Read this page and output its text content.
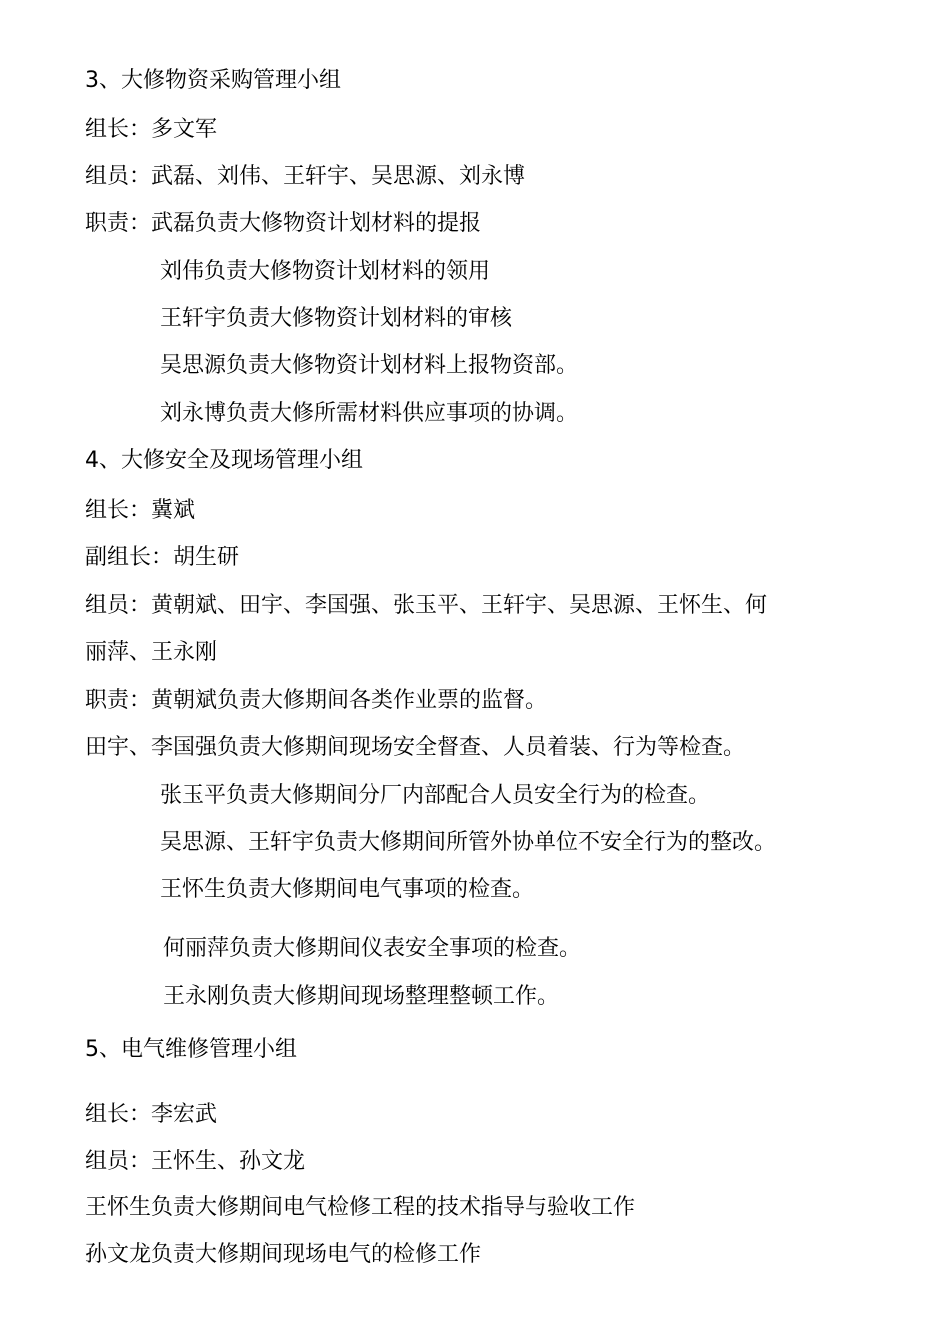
3、大修物资采购管理小组
组长：多文军
组员：武磊、刘伟、王轩宇、吴思源、刘永博
职责：武磊负责大修物资计划材料的提报
刘伟负责大修物资计划材料的领用
王轩宇负责大修物资计划材料的审核
吴思源负责大修物资计划材料上报物资部。
刘永博负责大修所需材料供应事项的协调。
4、大修安全及现场管理小组
组长：冀斌
副组长：胡生研
组员：黄朝斌、田宇、李国强、张玉平、王轩宇、吴思源、王怀生、何
丽萍、王永刚
职责：黄朝斌负责大修期间各类作业票的监督。
田宇、李国强负责大修期间现场安全督查、人员着装、行为等检查。
张玉平负责大修期间分厂内部配合人员安全行为的检查。
吴思源、王轩宇负责大修期间所管外协单位不安全行为的整改。
王怀生负责大修期间电气事项的检查。
何丽萍负责大修期间仪表安全事项的检查。
王永刚负责大修期间现场整理整顿工作。
5、电气维修管理小组
组长：李宏武
组员：王怀生、孙文龙
王怀生负责大修期间电气检修工程的技术指导与验收工作
孙文龙负责大修期间现场电气的检修工作
